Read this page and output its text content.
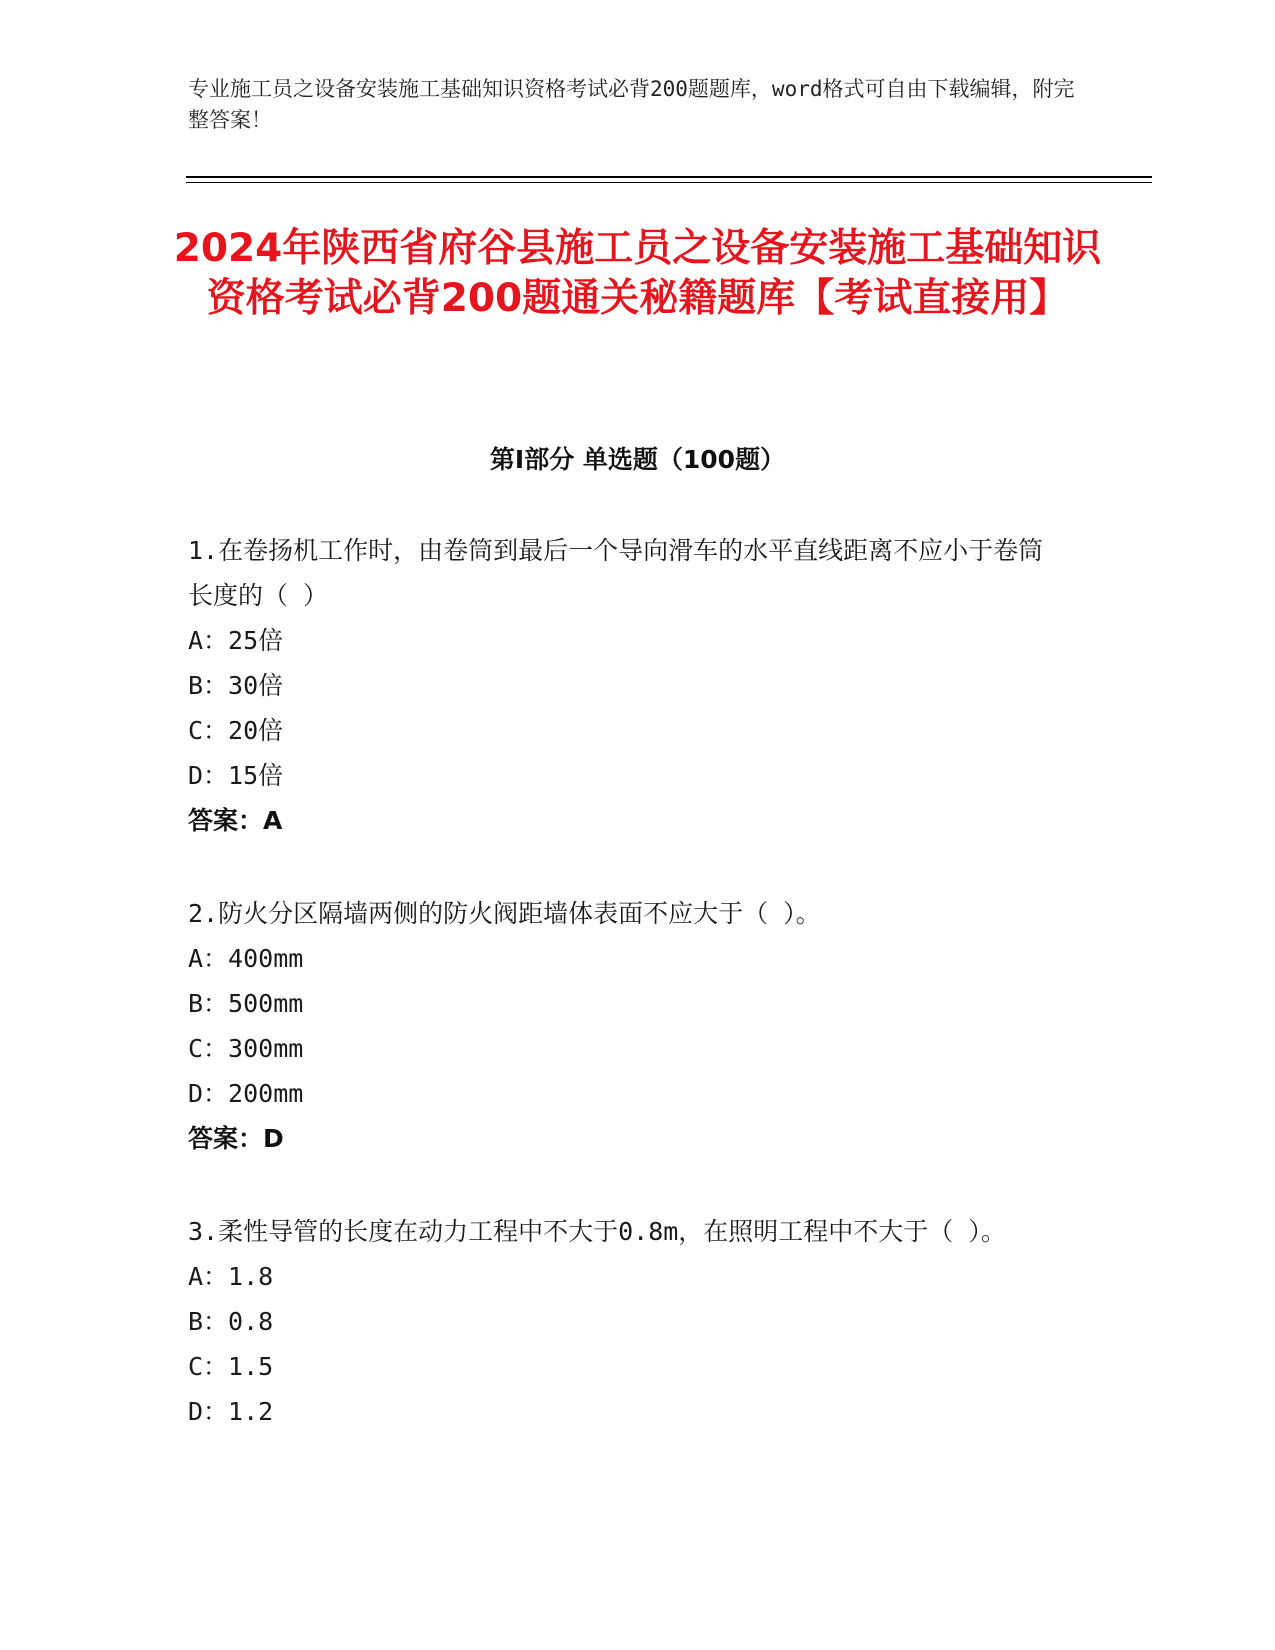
专业施工员之设备安装施工基础知识资格考试必背200题题库，word格式可自由下载编辑，附完整答案！
2024年陕西省府谷县施工员之设备安装施工基础知识资格考试必背200题通关秘籍题库【考试直接用】
第Ⅰ部分 单选题（100题）
1.在卷扬机工作时，由卷筒到最后一个导向滑车的水平直线距离不应小于卷筒长度的（ ）
A：25倍
B：30倍
C：20倍
D：15倍
答案：A
2.防火分区隔墙两侧的防火阀距墙体表面不应大于（ ）。
A：400mm
B：500mm
C：300mm
D：200mm
答案：D
3.柔性导管的长度在动力工程中不大于0.8m，在照明工程中不大于（ ）。
A：1.8
B：0.8
C：1.5
D：1.2
